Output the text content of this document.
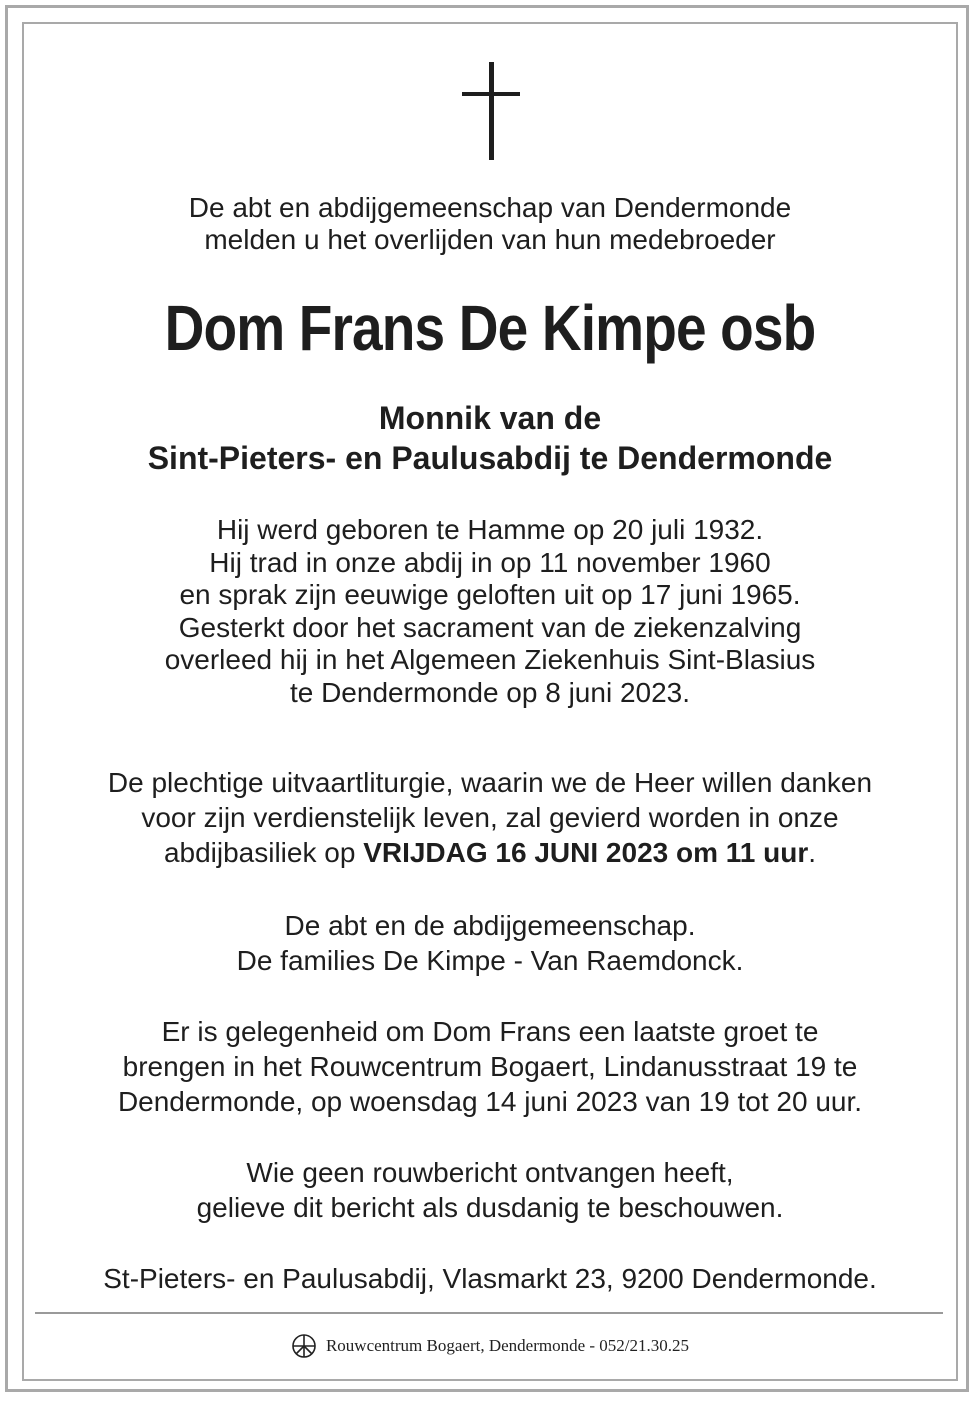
De abt en abdijgemeenschap van Dendermonde
melden u het overlijden van hun medebroeder
Dom Frans De Kimpe osb
Monnik van de
Sint-Pieters- en Paulusabdij te Dendermonde
Hij werd geboren te Hamme op 20 juli 1932.
Hij trad in onze abdij in op 11 november 1960
en sprak zijn eeuwige geloften uit op 17 juni 1965.
Gesterkt door het sacrament van de ziekenzalving
overleed hij in het Algemeen Ziekenhuis Sint-Blasius
te Dendermonde op 8 juni 2023.
De plechtige uitvaartliturgie, waarin we de Heer willen danken
voor zijn verdienstelijk leven, zal gevierd worden in onze
abdijbasiliek op VRIJDAG 16 JUNI 2023 om 11 uur.
De abt en de abdijgemeenschap.
De families De Kimpe - Van Raemdonck.
Er is gelegenheid om Dom Frans een laatste groet te
brengen in het Rouwcentrum Bogaert, Lindanusstraat 19 te
Dendermonde, op woensdag 14 juni 2023 van 19 tot 20 uur.
Wie geen rouwbericht ontvangen heeft,
gelieve dit bericht als dusdanig te beschouwen.
St-Pieters- en Paulusabdij, Vlasmarkt 23, 9200 Dendermonde.
Rouwcentrum Bogaert, Dendermonde - 052/21.30.25
